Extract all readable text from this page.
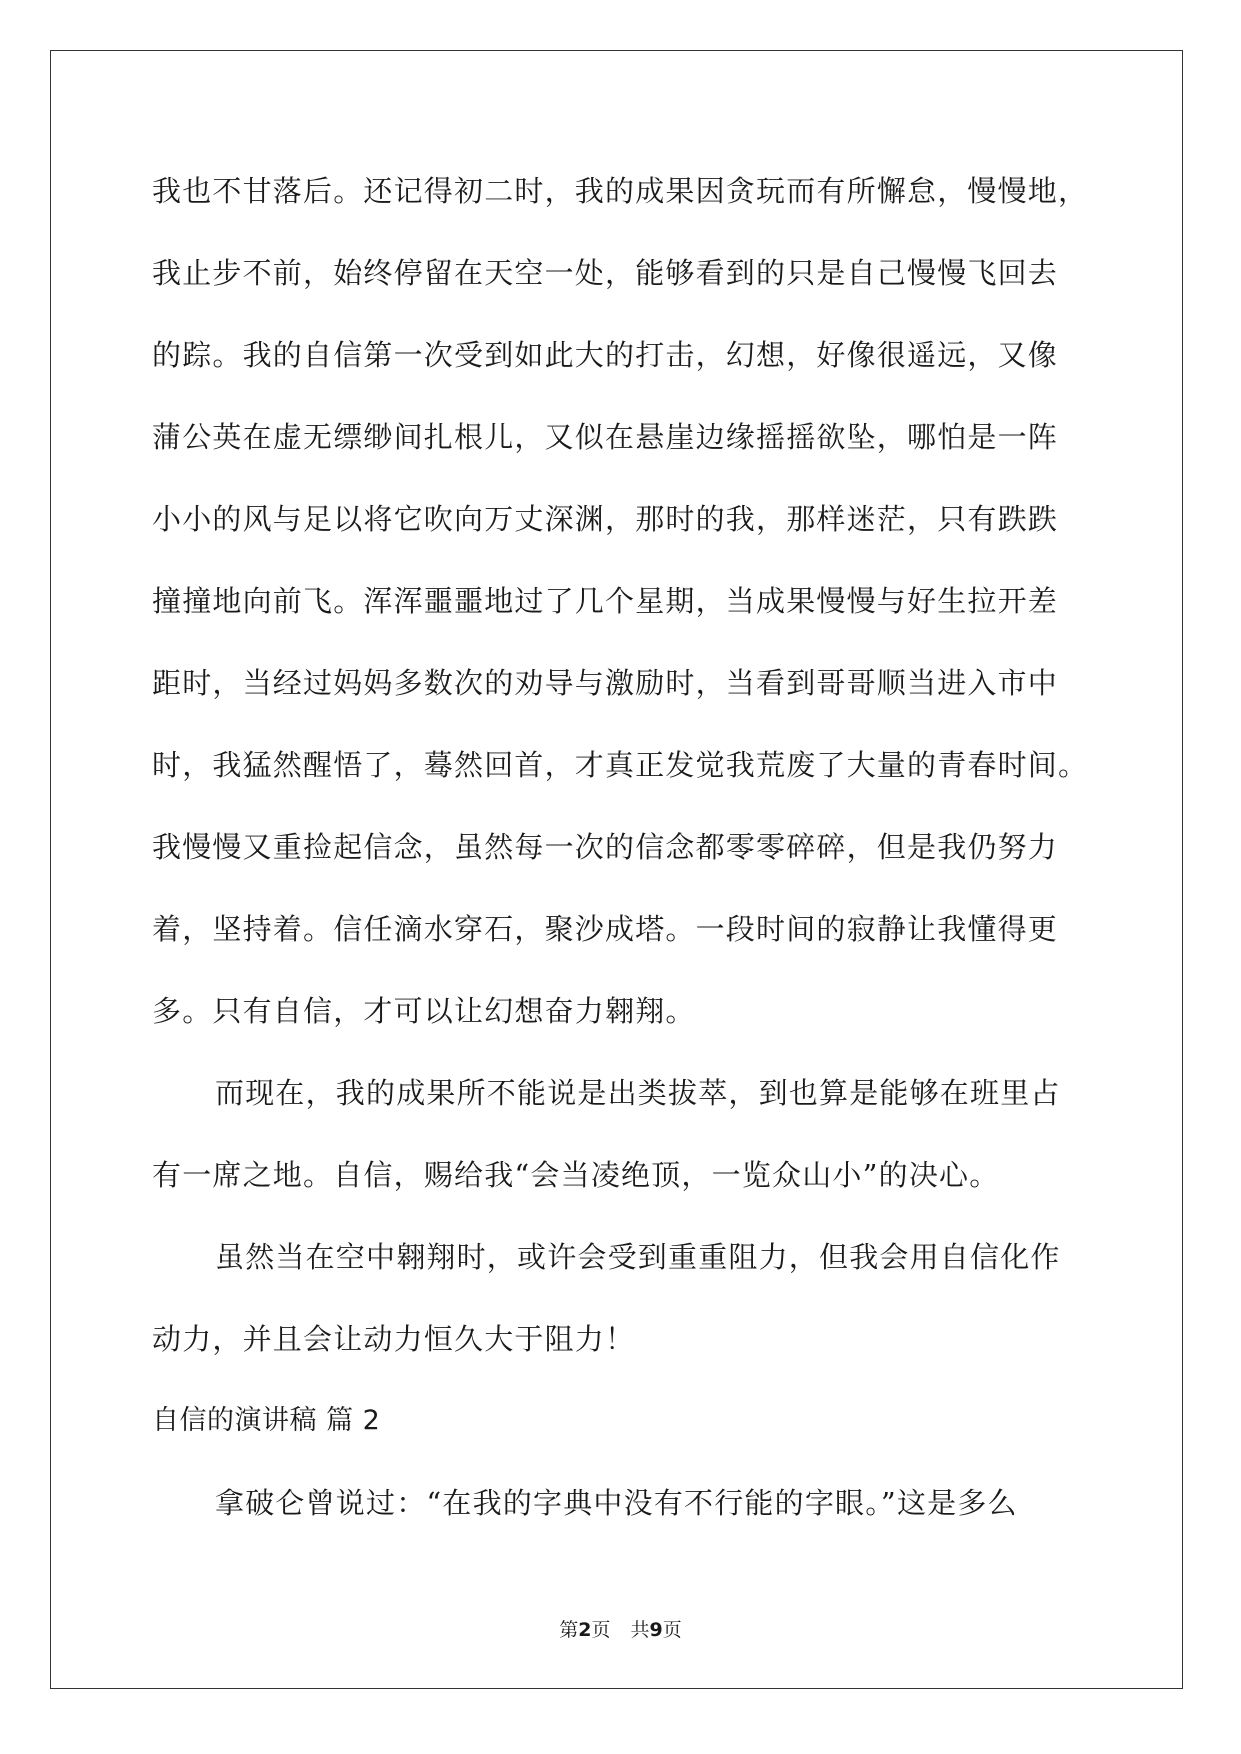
我也不甘落后。还记得初二时，我的成果因贪玩而有所懈怠，慢慢地，
我止步不前，始终停留在天空一处，能够看到的只是自己慢慢飞回去
的踪。我的自信第一次受到如此大的打击，幻想，好像很遥远，又像
蒲公英在虚无缥缈间扎根儿，又似在悬崖边缘摇摇欲坠，哪怕是一阵
小小的风与足以将它吹向万丈深渊，那时的我，那样迷茫，只有跌跌
撞撞地向前飞。浑浑噩噩地过了几个星期，当成果慢慢与好生拉开差
距时，当经过妈妈多数次的劝导与激励时，当看到哥哥顺当进入市中
时，我猛然醒悟了，蓦然回首，才真正发觉我荒废了大量的青春时间。
我慢慢又重捡起信念，虽然每一次的信念都零零碎碎，但是我仍努力
着，坚持着。信任滴水穿石，聚沙成塔。一段时间的寂静让我懂得更
多。只有自信，才可以让幻想奋力翱翔。
而现在，我的成果所不能说是出类拔萃，到也算是能够在班里占
有一席之地。自信，赐给我“会当凌绝顶，一览众山小”的决心。
虽然当在空中翱翔时，或许会受到重重阻力，但我会用自信化作
动力，并且会让动力恒久大于阻力！
自信的演讲稿 篇 2
拿破仑曾说过：“在我的字典中没有不行能的字眼。”这是多么
第2页 共9页
